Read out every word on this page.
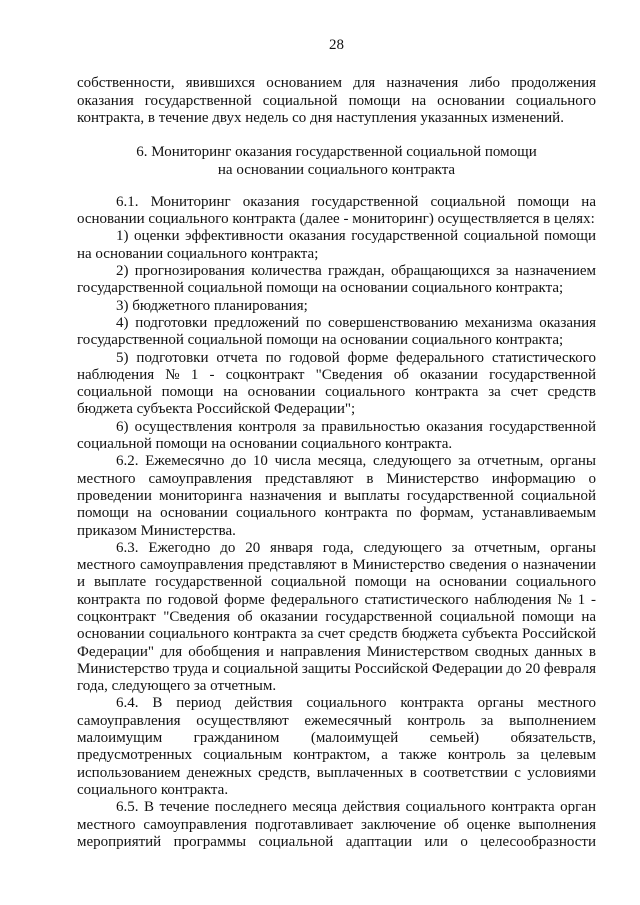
28
собственности, явившихся основанием для назначения либо продолжения
оказания государственной социальной помощи на основании социального
контракта, в течение двух недель со дня наступления указанных изменений.
6. Мониторинг оказания государственной социальной помощи
на основании социального контракта
6.1. Мониторинг оказания государственной социальной помощи на
основании социального контракта (далее - мониторинг) осуществляется в целях:
1) оценки эффективности оказания государственной социальной помощи
на основании социального контракта;
2) прогнозирования количества граждан, обращающихся за назначением
государственной социальной помощи на основании социального контракта;
3) бюджетного планирования;
4) подготовки предложений по совершенствованию механизма оказания
государственной социальной помощи на основании социального контракта;
5) подготовки отчета по годовой форме федерального статистического
наблюдения № 1 - соцконтракт "Сведения об оказании государственной
социальной помощи на основании социального контракта за счет средств
бюджета субъекта Российской Федерации";
6) осуществления контроля за правильностью оказания государственной
социальной помощи на основании социального контракта.
6.2. Ежемесячно до 10 числа месяца, следующего за отчетным, органы
местного самоуправления представляют в Министерство информацию о
проведении мониторинга назначения и выплаты государственной социальной
помощи на основании социального контракта по формам, устанавливаемым
приказом Министерства.
6.3. Ежегодно до 20 января года, следующего за отчетным, органы
местного самоуправления представляют в Министерство сведения о назначении
и выплате государственной социальной помощи на основании социального
контракта по годовой форме федерального статистического наблюдения № 1 -
соцконтракт "Сведения об оказании государственной социальной помощи на
основании социального контракта за счет средств бюджета субъекта Российской
Федерации" для обобщения и направления Министерством сводных данных в
Министерство труда и социальной защиты Российской Федерации до 20 февраля
года, следующего за отчетным.
6.4. В период действия социального контракта органы местного
самоуправления осуществляют ежемесячный контроль за выполнением
малоимущим гражданином (малоимущей семьей) обязательств,
предусмотренных социальным контрактом, а также контроль за целевым
использованием денежных средств, выплаченных в соответствии с условиями
социального контракта.
6.5. В течение последнего месяца действия социального контракта орган
местного самоуправления подготавливает заключение об оценке выполнения
мероприятий программы социальной адаптации или о целесообразности
